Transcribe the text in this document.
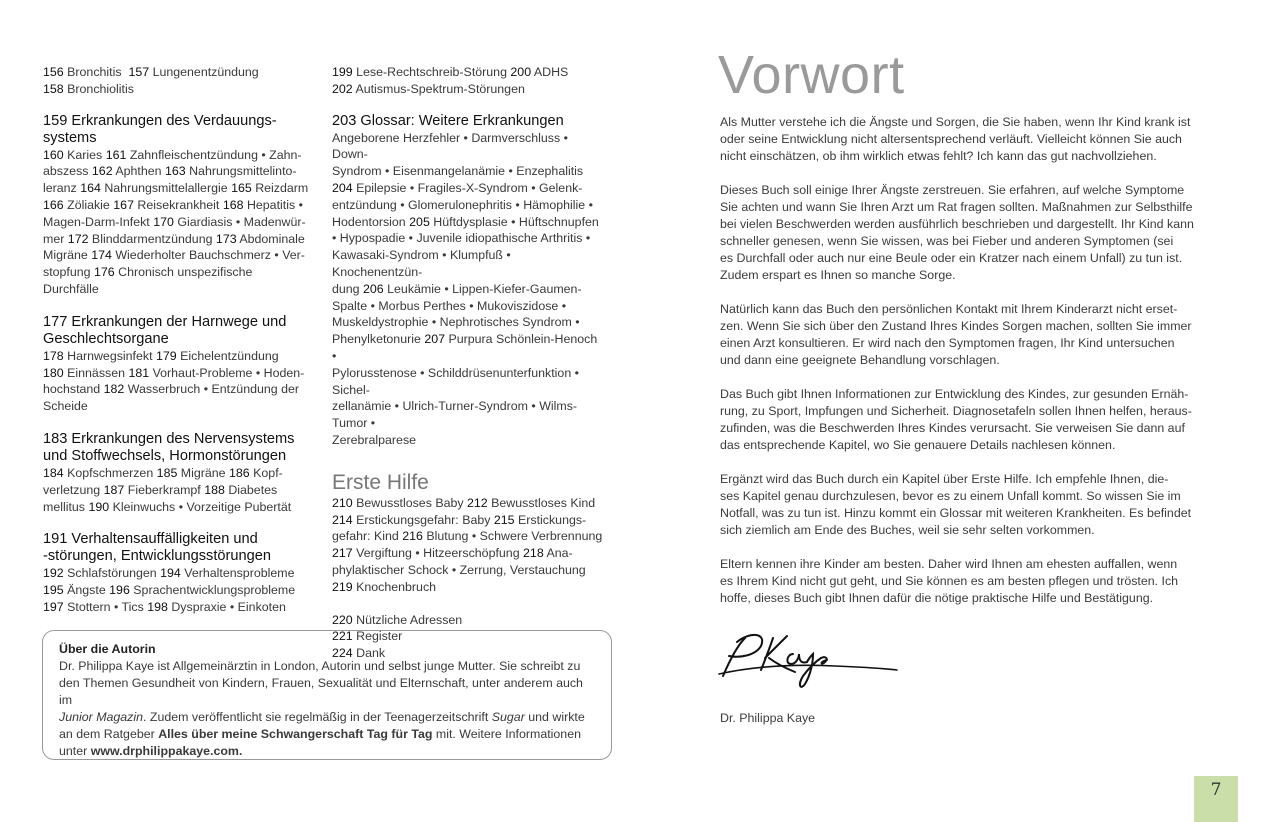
156 Bronchitis 157 Lungenentzündung

158 Bronchiolitis

159 Erkrankungen des Verdauungs-
systems

160 Karies 161 Zahnfleischentzündung • Zahn-

abszess 162 Aphthen 163 Nahrungsmittelinto-

leranz 164 Nahrungsmittelallergie 165 Reizdarm

166 Zöliakie 167 Reisekrankheit 168 Hepatitis •

Magen-Darm-Infekt 170 Giardiasis • Madenwür-

mer 172 Blinddarmentzündung 173 Abdominale

Migräne 174 Wiederholter Bauchschmerz • Ver-

stopfung 176 Chronisch unspezifische Durchfälle

177 Erkrankungen der Harnwege und
Geschlechtsorgane

178 Harnwegsinfekt 179 Eichelentzündung

180 Einnässen 181 Vorhaut-Probleme • Hoden-

hochstand 182 Wasserbruch • Entzündung der

Scheide

183 Erkrankungen des Nervensystems
und Stoffwechsels, Hormonstörungen

184 Kopfschmerzen 185 Migräne 186 Kopf-

verletzung 187 Fieberkrampf 188 Diabetes

mellitus 190 Kleinwuchs • Vorzeitige Pubertät

191 Verhaltensauffälligkeiten und
-störungen, Entwicklungsstörungen

192 Schlafstörungen 194 Verhaltensprobleme

195 Ängste 196 Sprachentwicklungsprobleme

197 Stottern • Tics 198 Dyspraxie • Einkoten

199 Lese-Rechtschreib-Störung 200 ADHS

202 Autismus-Spektrum-Störungen

203 Glossar: Weitere Erkrankungen

Angeborene Herzfehler • Darmverschluss • Down-

Syndrom • Eisenmangelanämie • Enzephalitis

204 Epilepsie • Fragiles-X-Syndrom • Gelenk-

entzündung • Glomerulonephritis • Hämophilie •

Hodentorsion 205 Hüftdysplasie • Hüftschnupfen

• Hypospadie • Juvenile idiopathische Arthritis •

Kawasaki-Syndrom • Klumpfuß • Knochenentzün-

dung 206 Leukämie • Lippen-Kiefer-Gaumen-

Spalte • Morbus Perthes • Mukoviszidose •

Muskeldystrophie • Nephrotisches Syndrom •

Phenylketonurie 207 Purpura Schönlein-Henoch •

Pylorusstenose • Schilddrüsenunterfunktion • Sichel-

zellanämie • Ulrich-Turner-Syndrom • Wilms-Tumor •

Zerebralparese

Erste Hilfe

210 Bewusstloses Baby 212 Bewusstloses Kind

214 Erstickungsgefahr: Baby 215 Erstickungs-

gefahr: Kind 216 Blutung • Schwere Verbrennung

217 Vergiftung • Hitzeerschöpfung 218 Ana-

phylaktischer Schock • Zerrung, Verstauchung

219 Knochenbruch

220 Nützliche Adressen

221 Register

224 Dank

Über die Autorin

Dr. Philippa Kaye ist Allgemeinärztin in London, Autorin und selbst junge Mutter. Sie schreibt zu

den Themen Gesundheit von Kindern, Frauen, Sexualität und Elternschaft, unter anderem auch im

Junior Magazin. Zudem veröffentlicht sie regelmäßig in der Teenagerzeitschrift Sugar und wirkte

an dem Ratgeber Alles über meine Schwangerschaft Tag für Tag mit. Weitere Informationen

unter www.drphilippakaye.com.

Vorwort

Als Mutter verstehe ich die Ängste und Sorgen, die Sie haben, wenn Ihr Kind krank ist
oder seine Entwicklung nicht altersentsprechend verläuft. Vielleicht können Sie auch
nicht einschätzen, ob ihm wirklich etwas fehlt? Ich kann das gut nachvollziehen.

Dieses Buch soll einige Ihrer Ängste zerstreuen. Sie erfahren, auf welche Symptome
Sie achten und wann Sie Ihren Arzt um Rat fragen sollten. Maßnahmen zur Selbsthilfe
bei vielen Beschwerden werden ausführlich beschrieben und dargestellt. Ihr Kind kann
schneller genesen, wenn Sie wissen, was bei Fieber und anderen Symptomen (sei
es Durchfall oder auch nur eine Beule oder ein Kratzer nach einem Unfall) zu tun ist.
Zudem erspart es Ihnen so manche Sorge.

Natürlich kann das Buch den persönlichen Kontakt mit Ihrem Kinderarzt nicht erset-
zen. Wenn Sie sich über den Zustand Ihres Kindes Sorgen machen, sollten Sie immer
einen Arzt konsultieren. Er wird nach den Symptomen fragen, Ihr Kind untersuchen
und dann eine geeignete Behandlung vorschlagen.

Das Buch gibt Ihnen Informationen zur Entwicklung des Kindes, zur gesunden Ernäh-
rung, zu Sport, Impfungen und Sicherheit. Diagnosetafeln sollen Ihnen helfen, heraus-
zufinden, was die Beschwerden Ihres Kindes verursacht. Sie verweisen Sie dann auf
das entsprechende Kapitel, wo Sie genauere Details nachlesen können.

Ergänzt wird das Buch durch ein Kapitel über Erste Hilfe. Ich empfehle Ihnen, die-
ses Kapitel genau durchzulesen, bevor es zu einem Unfall kommt. So wissen Sie im
Notfall, was zu tun ist. Hinzu kommt ein Glossar mit weiteren Krankheiten. Es befindet
sich ziemlich am Ende des Buches, weil sie sehr selten vorkommen.

Eltern kennen ihre Kinder am besten. Daher wird Ihnen am ehesten auffallen, wenn
es Ihrem Kind nicht gut geht, und Sie können es am besten pflegen und trösten. Ich
hoffe, dieses Buch gibt Ihnen dafür die nötige praktische Hilfe und Bestätigung.

Dr. Philippa Kaye
7
